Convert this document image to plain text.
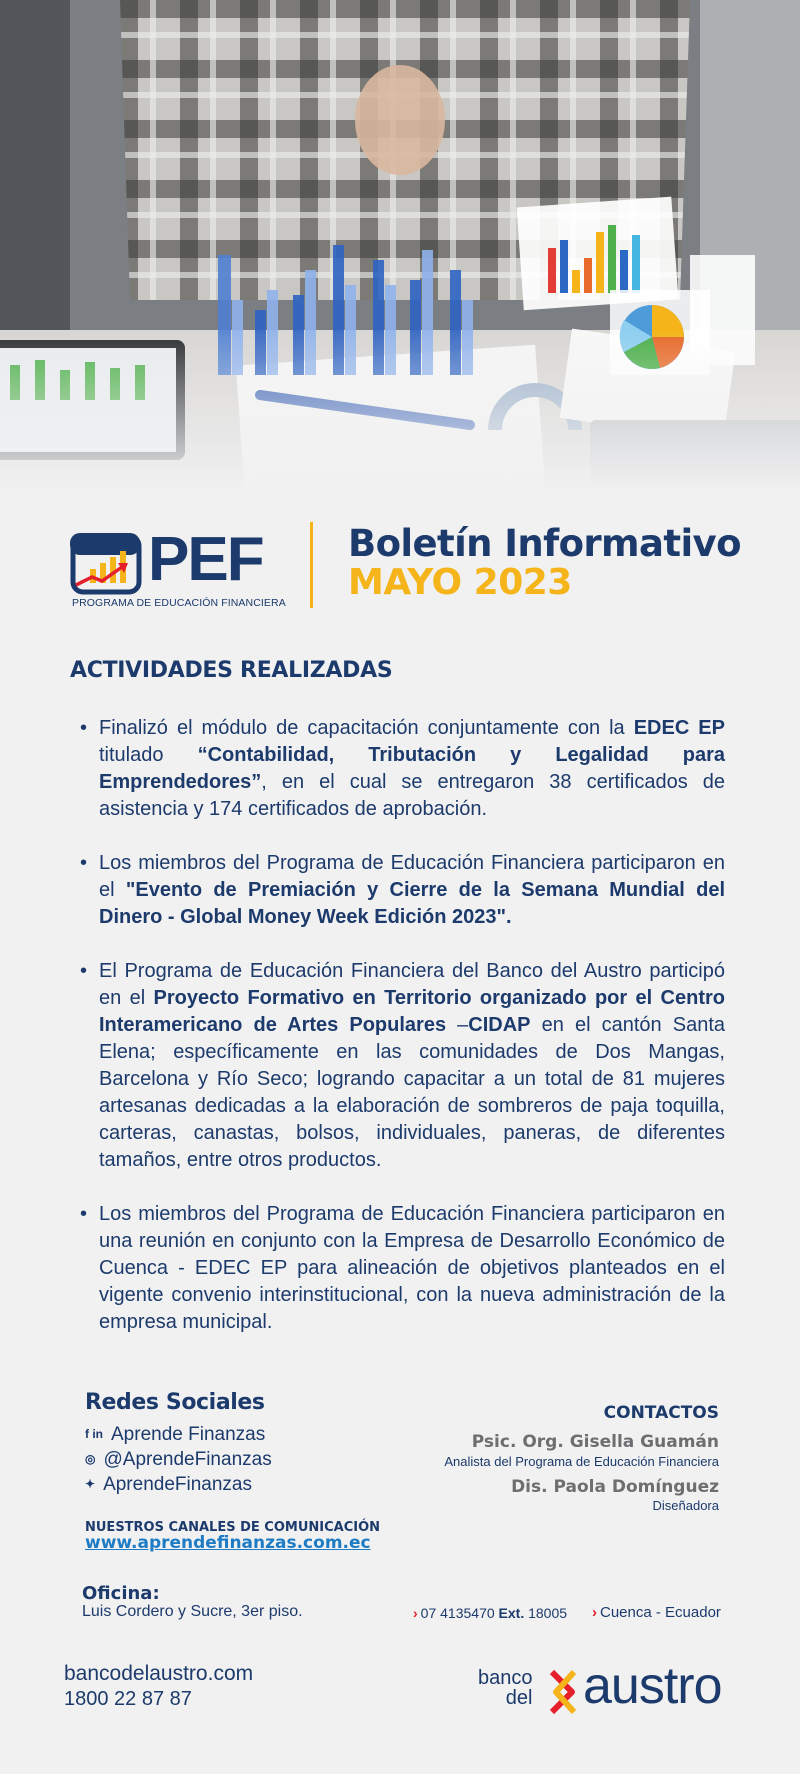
PEF
PROGRAMA DE EDUCACIÓN FINANCIERA
Boletín Informativo
MAYO 2023
ACTIVIDADES REALIZADAS
• Finalizó el módulo de capacitación conjuntamente con la EDEC EP titulado “Contabilidad, Tributación y Legalidad para Emprendedores”, en el cual se entregaron 38 certificados de asistencia y 174 certificados de aprobación.
• Los miembros del Programa de Educación Financiera participaron en el "Evento de Premiación y Cierre de la Semana Mundial del Dinero - Global Money Week Edición 2023".
• El Programa de Educación Financiera del Banco del Austro participó en el Proyecto Formativo en Territorio organizado por el Centro Interamericano de Artes Populares –CIDAP en el cantón Santa Elena; específicamente en las comunidades de Dos Mangas, Barcelona y Río Seco; logrando capacitar a un total de 81 mujeres artesanas dedicadas a la elaboración de sombreros de paja toquilla, carteras, canastas, bolsos, individuales, paneras, de diferentes tamaños, entre otros productos.
• Los miembros del Programa de Educación Financiera participaron en una reunión en conjunto con la Empresa de Desarrollo Económico de Cuenca - EDEC EP para alineación de objetivos planteados en el vigente convenio interinstitucional, con la nueva administración de la empresa municipal.
Redes Sociales
f in Aprende Finanzas
◎ @AprendeFinanzas
✦ AprendeFinanzas
NUESTROS CANALES DE COMUNICACIÓN
www.aprendefinanzas.com.ec
Oficina:
Luis Cordero y Sucre, 3er piso.
CONTACTOS
Psic. Org. Gisella Guamán
Analista del Programa de Educación Financiera
Dis. Paola Domínguez
Diseñadora
› 07 4135470 Ext. 18005 › Cuenca - Ecuador
bancodelaustro.com
1800 22 87 87
banco
del austro
